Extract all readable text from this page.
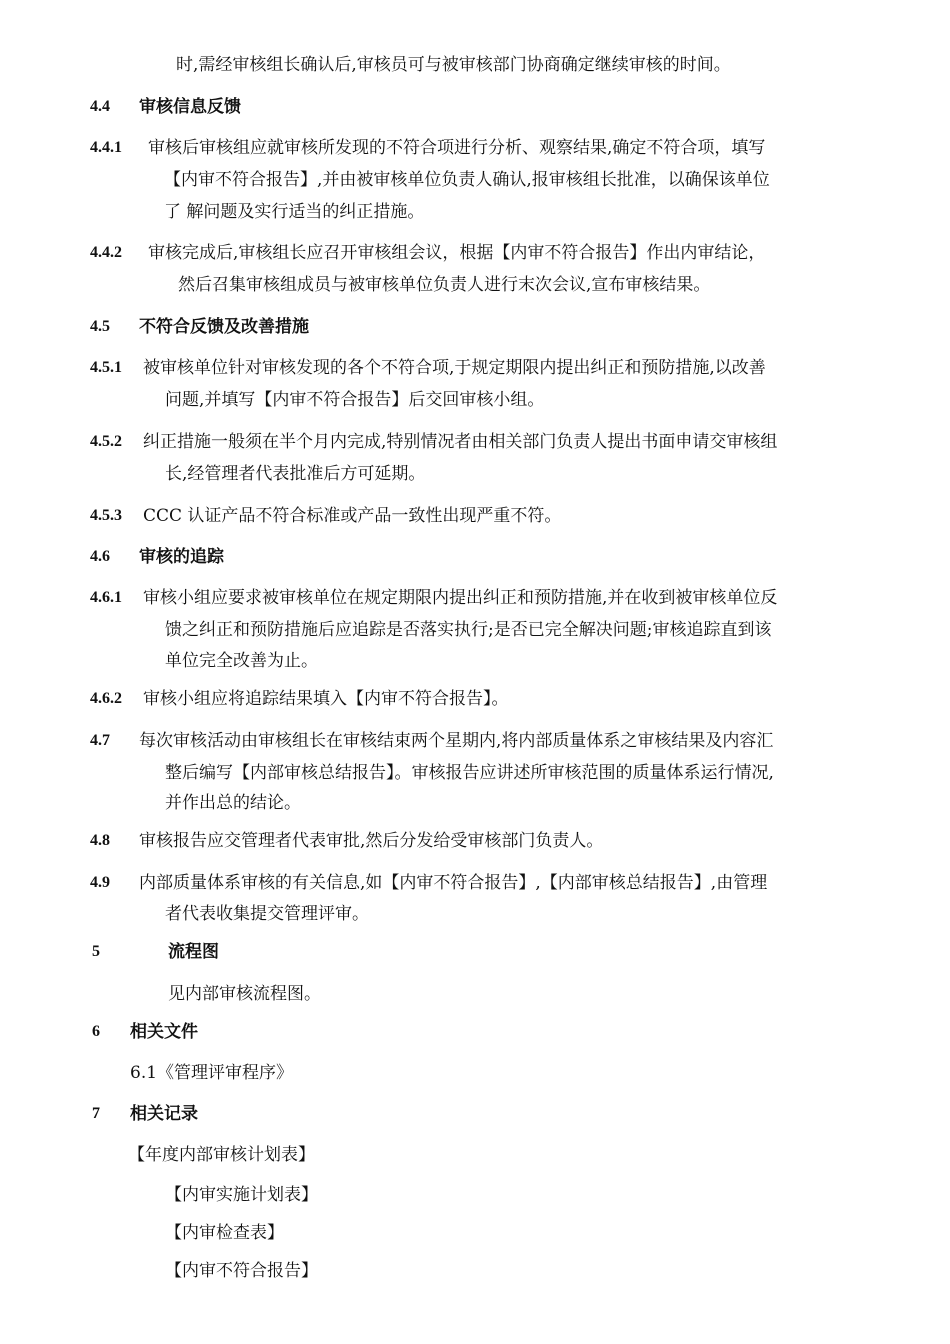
时,需经审核组长确认后,审核员可与被审核部门协商确定继续审核的时间。
4.4 审核信息反馈
4.4.1 审核后审核组应就审核所发现的不符合项进行分析、观察结果,确定不符合项，填写
【内审不符合报告】,并由被审核单位负责人确认,报审核组长批准，以确保该单位
了 解问题及实行适当的纠正措施。
4.4.2 审核完成后,审核组长应召开审核组会议，根据【内审不符合报告】作出内审结论，
然后召集审核组成员与被审核单位负责人进行末次会议,宣布审核结果。
4.5 不符合反馈及改善措施
4.5.1 被审核单位针对审核发现的各个不符合项,于规定期限内提出纠正和预防措施,以改善
问题,并填写【内审不符合报告】后交回审核小组。
4.5.2 纠正措施一般须在半个月内完成,特别情况者由相关部门负责人提出书面申请交审核组
长,经管理者代表批准后方可延期。
4.5.3 CCC 认证产品不符合标准或产品一致性出现严重不符。
4.6 审核的追踪
4.6.1 审核小组应要求被审核单位在规定期限内提出纠正和预防措施,并在收到被审核单位反
馈之纠正和预防措施后应追踪是否落实执行;是否已完全解决问题;审核追踪直到该
单位完全改善为止。
4.6.2 审核小组应将追踪结果填入【内审不符合报告】。
4.7 每次审核活动由审核组长在审核结束两个星期内,将内部质量体系之审核结果及内容汇
整后编写【内部审核总结报告】。审核报告应讲述所审核范围的质量体系运行情况,
并作出总的结论。
4.8 审核报告应交管理者代表审批,然后分发给受审核部门负责人。
4.9 内部质量体系审核的有关信息,如【内审不符合报告】,【内部审核总结报告】,由管理
者代表收集提交管理评审。
5	流程图
见内部审核流程图。
6 相关文件
6.1《管理评审程序》
7 相关记录
【年度内部审核计划表】
【内审实施计划表】
【内审检查表】
【内审不符合报告】
